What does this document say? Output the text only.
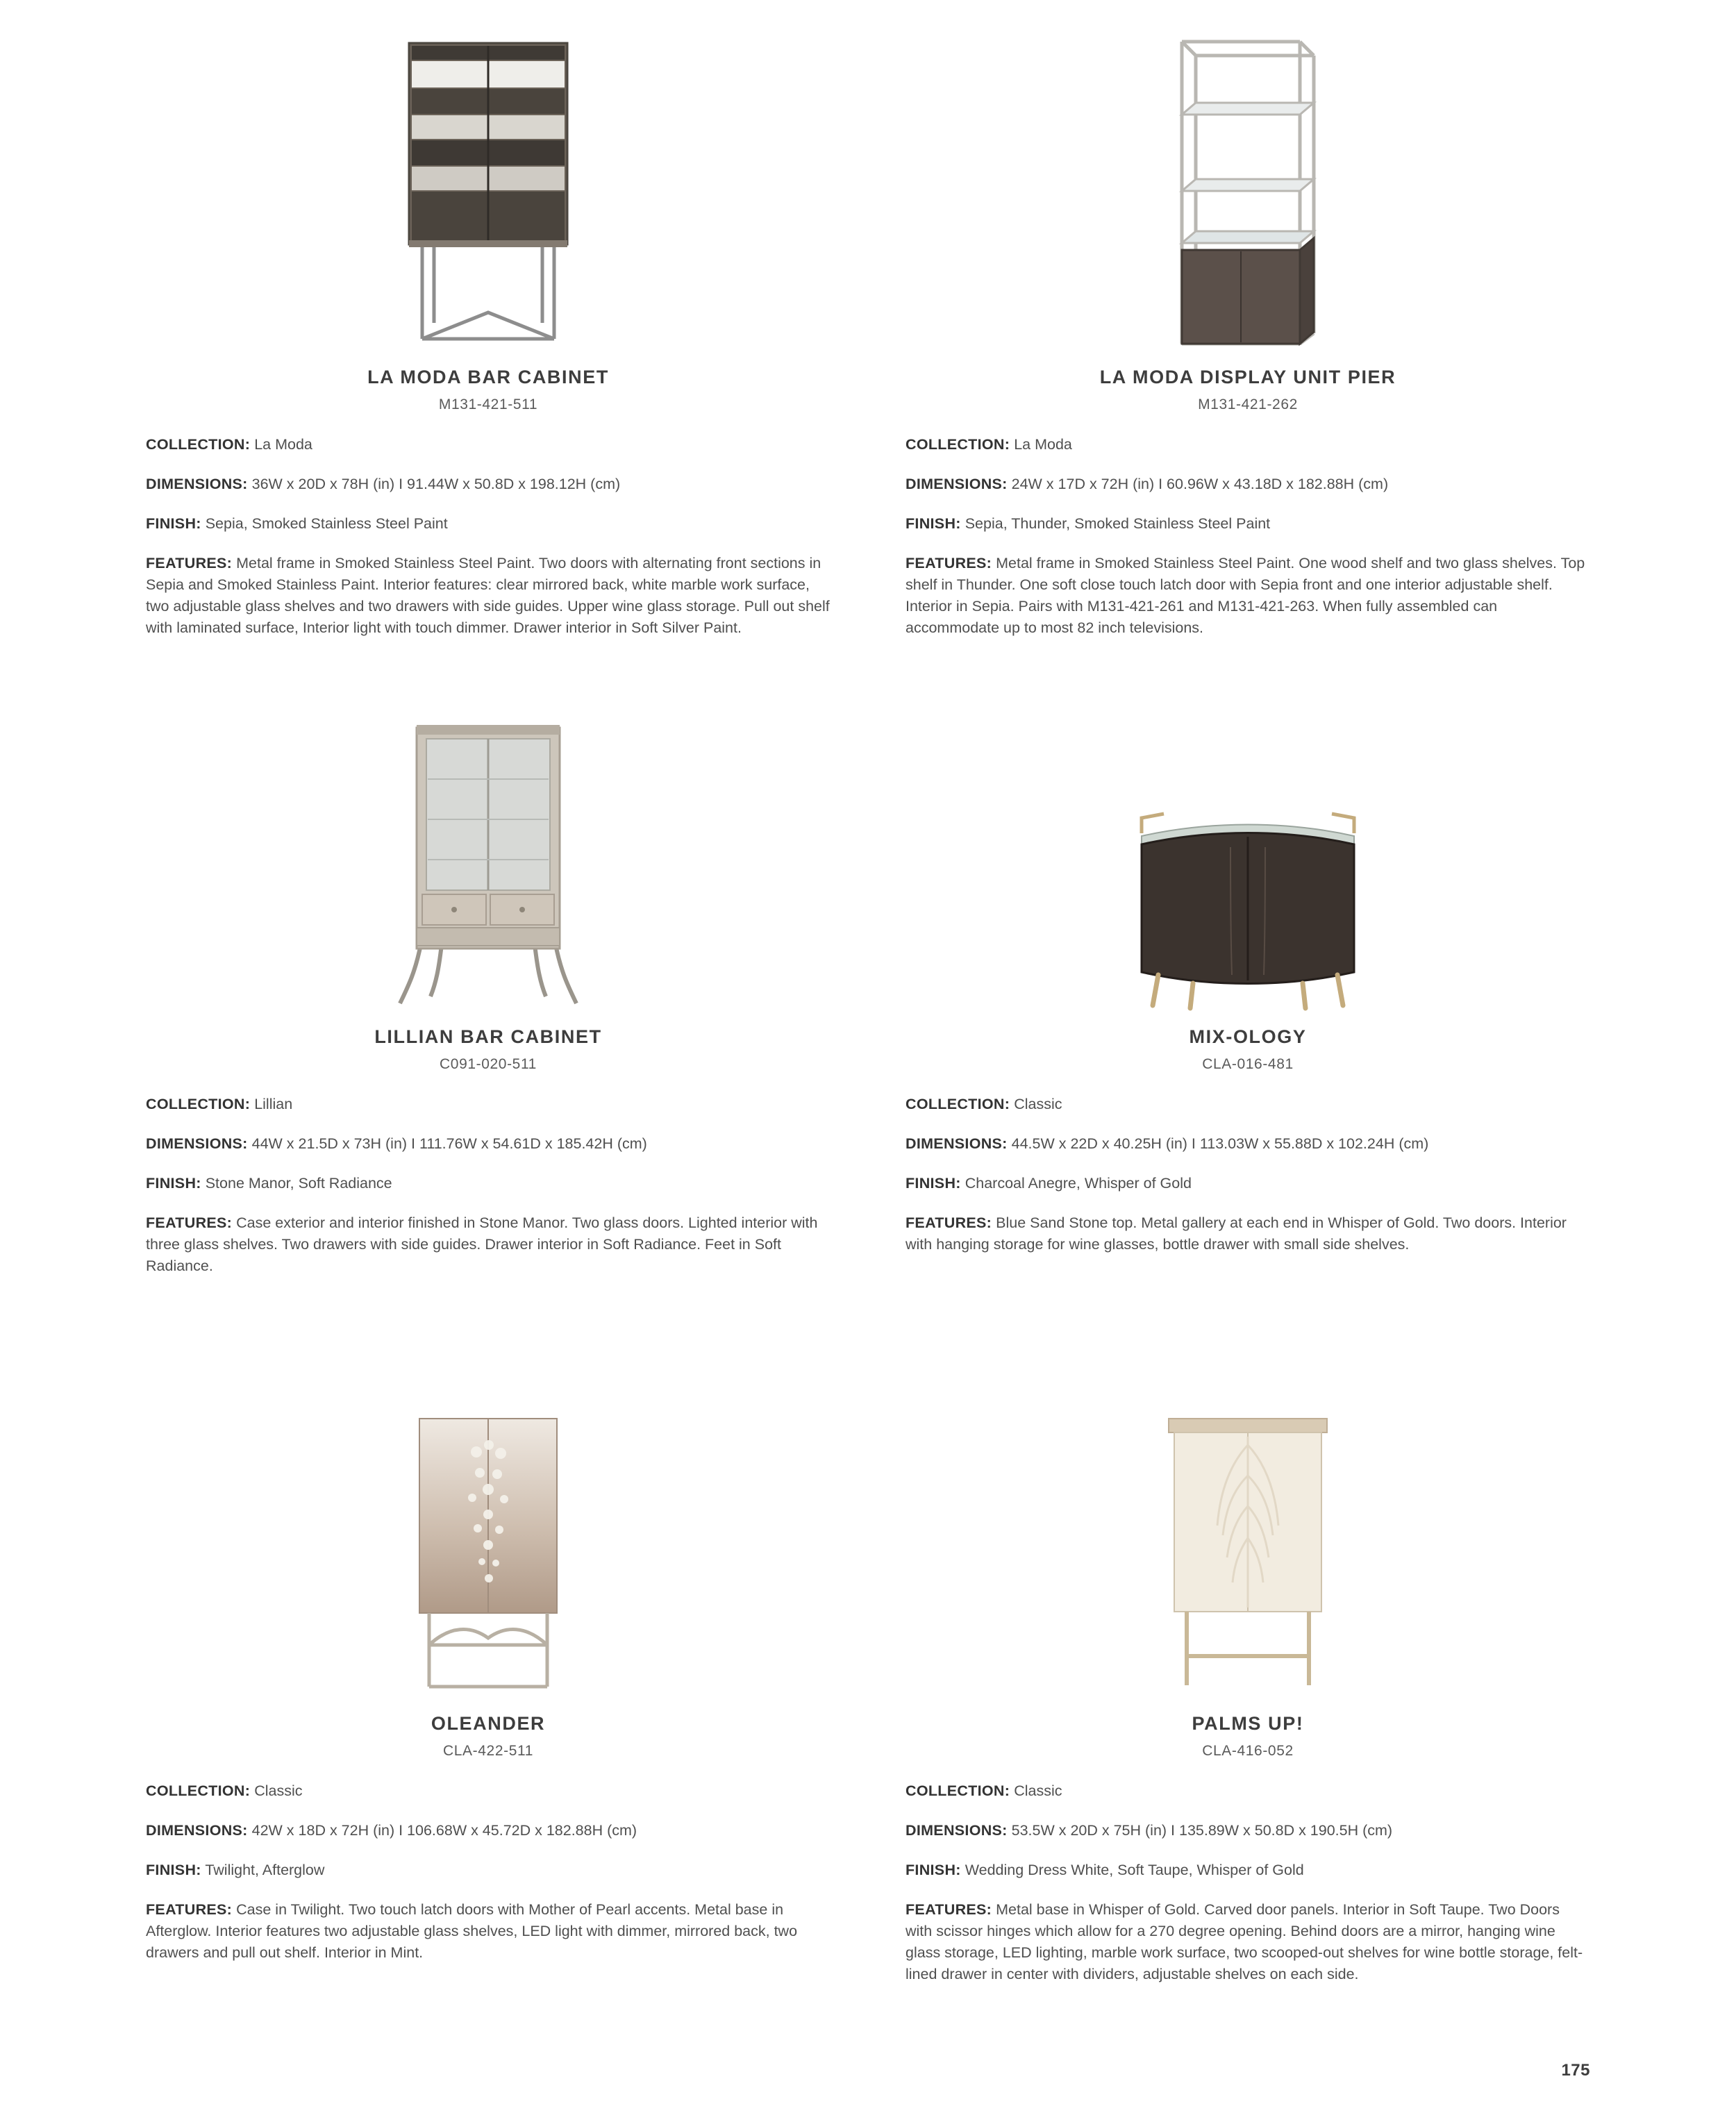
LA MODA BAR CABINET
M131-421-511

COLLECTION: La Moda

DIMENSIONS: 36W x 20D x 78H (in) I 91.44W x 50.8D x 198.12H (cm)

FINISH: Sepia, Smoked Stainless Steel Paint

FEATURES: Metal frame in Smoked Stainless Steel Paint. Two doors with alternating front sections in Sepia and Smoked Stainless Paint. Interior features: clear mirrored back, white marble work surface, two adjustable glass shelves and two drawers with side guides. Upper wine glass storage. Pull out shelf with laminated surface, Interior light with touch dimmer. Drawer interior in Soft Silver Paint.

LA MODA DISPLAY UNIT PIER
M131-421-262

COLLECTION: La Moda

DIMENSIONS: 24W x 17D x 72H (in) I 60.96W x 43.18D x 182.88H (cm)

FINISH: Sepia, Thunder, Smoked Stainless Steel Paint

FEATURES: Metal frame in Smoked Stainless Steel Paint. One wood shelf and two glass shelves. Top shelf in Thunder. One soft close touch latch door with Sepia front and one interior adjustable shelf. Interior in Sepia. Pairs with M131-421-261 and M131-421-263. When fully assembled can accommodate up to most 82 inch televisions.

LILLIAN BAR CABINET
C091-020-511

COLLECTION: Lillian

DIMENSIONS: 44W x 21.5D x 73H (in) I 111.76W x 54.61D x 185.42H (cm)

FINISH: Stone Manor, Soft Radiance

FEATURES: Case exterior and interior finished in Stone Manor. Two glass doors. Lighted interior with three glass shelves. Two drawers with side guides. Drawer interior in Soft Radiance. Feet in Soft Radiance.

MIX-OLOGY
CLA-016-481

COLLECTION: Classic

DIMENSIONS: 44.5W x 22D x 40.25H (in) I 113.03W x 55.88D x 102.24H (cm)

FINISH: Charcoal Anegre, Whisper of Gold

FEATURES: Blue Sand Stone top. Metal gallery at each end in Whisper of Gold. Two doors. Interior with hanging storage for wine glasses, bottle drawer with small side shelves.

OLEANDER
CLA-422-511

COLLECTION: Classic

DIMENSIONS: 42W x 18D x 72H (in) I 106.68W x 45.72D x 182.88H (cm)

FINISH: Twilight, Afterglow

FEATURES: Case in Twilight. Two touch latch doors with Mother of Pearl accents. Metal base in Afterglow. Interior features two adjustable glass shelves, LED light with dimmer, mirrored back, two drawers and pull out shelf. Interior in Mint.

PALMS UP!
CLA-416-052

COLLECTION: Classic

DIMENSIONS: 53.5W x 20D x 75H (in) I 135.89W x 50.8D x 190.5H (cm)

FINISH: Wedding Dress White, Soft Taupe, Whisper of Gold

FEATURES: Metal base in Whisper of Gold. Carved door panels. Interior in Soft Taupe. Two Doors with scissor hinges which allow for a 270 degree opening. Behind doors are a mirror, hanging wine glass storage, LED lighting, marble work surface, two scooped-out shelves for wine bottle storage, felt-lined drawer in center with dividers, adjustable shelves on each side.

175
